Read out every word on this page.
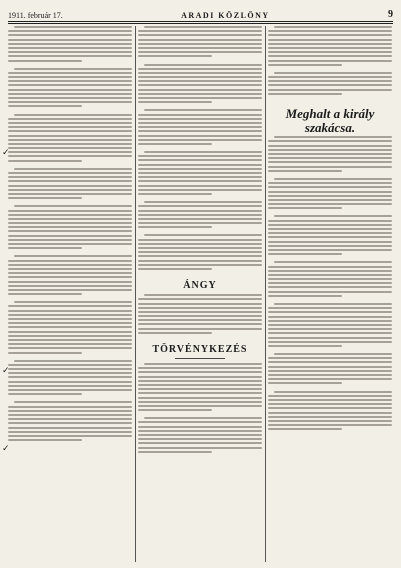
1911. február 17.	ARADI KÖZLÖNY	9
ÁNGY
TÖRVÉNYKEZÉS
Meghalt a király szakácsa.
✓
✓
✓
